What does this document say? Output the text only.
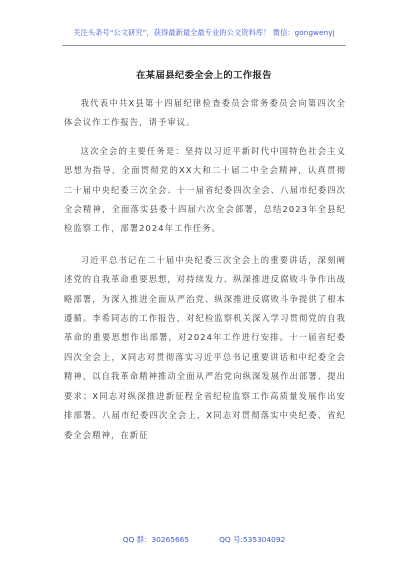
关注头条号“公文研究”，获得最新最全最专业的公文资料库！ 微信：gongwenyj
在某届县纪委全会上的工作报告

我代表中共X县第十四届纪律检查委员会常务委员会向第四次全体会议作工作报告，请予审议。

这次全会的主要任务是：坚持以习近平新时代中国特色社会主义思想为指导，全面贯彻党的XX大和二十届二中全会精神，认真贯彻二十届中央纪委三次全会、十一届省纪委四次全会、八届市纪委四次全会精神，全面落实县委十四届六次全会部署，总结2023年全县纪检监察工作，部署2024年工作任务。

习近平总书记在二十届中央纪委三次全会上的重要讲话，深刻阐述党的自我革命重要思想，对持续发力、纵深推进反腐败斗争作出战略部署，为深入推进全面从严治党、纵深推进反腐败斗争提供了根本遵循。李希同志的工作报告，对纪检监察机关深入学习贯彻党的自我革命的重要思想作出部署，对2024年工作进行安排。十一届省纪委四次全会上，X同志对贯彻落实习近平总书记重要讲话和中纪委全会精神，以自我革命精神推动全面从严治党向纵深发展作出部署、提出要求；X同志对纵深推进新征程全省纪检监察工作高质量发展作出安排部署。八届市纪委四次全会上，X同志对贯彻落实中央纪委、省纪委全会精神，在新征

QQ 群：30265665	QQ 号:535304092
